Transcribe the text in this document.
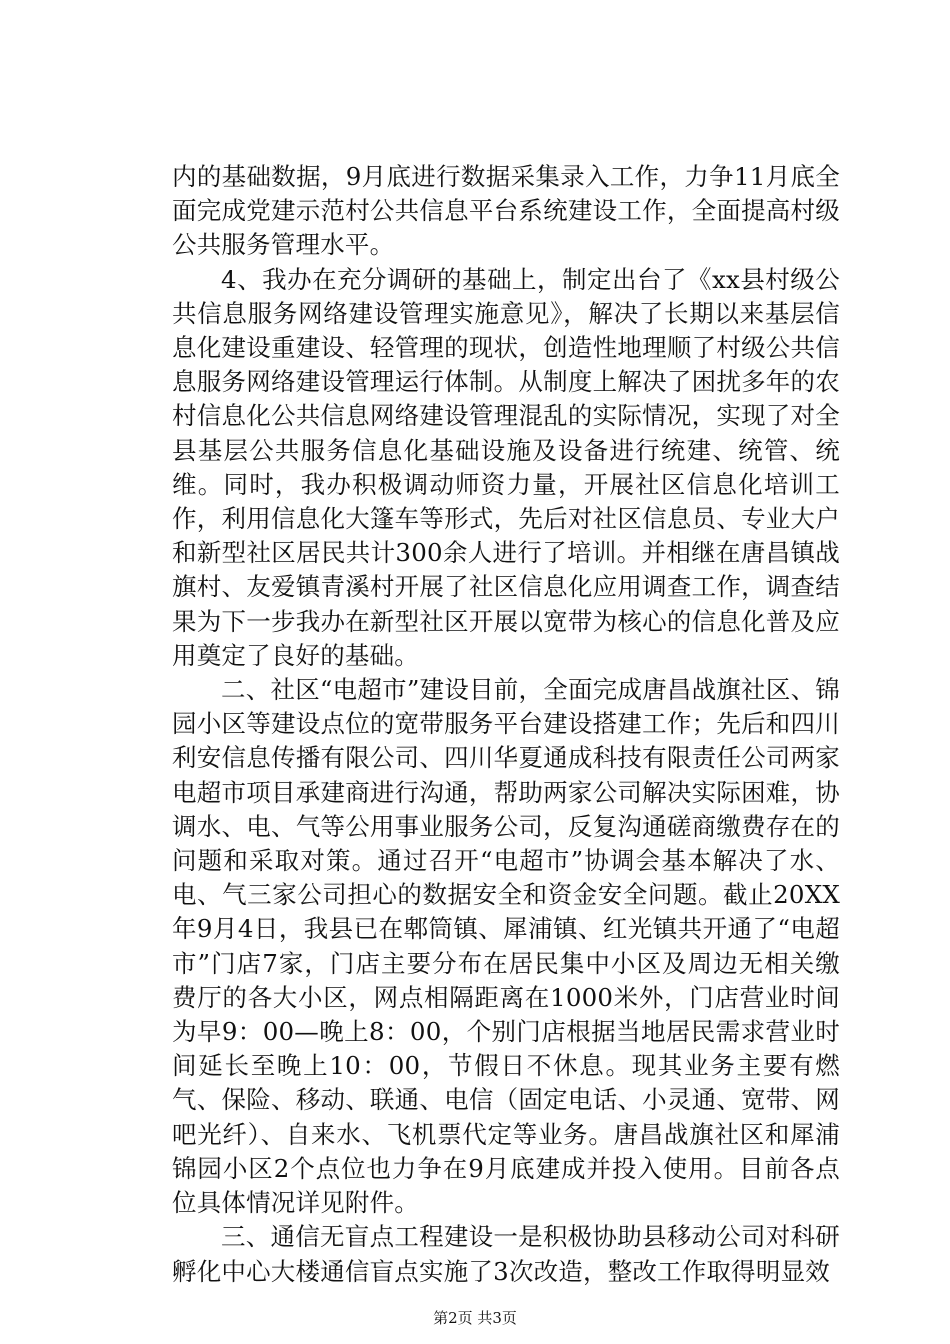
内的基础数据，9月底进行数据采集录入工作，力争11月底全面完成党建示范村公共信息平台系统建设工作，全面提高村级公共服务管理水平。

4、我办在充分调研的基础上，制定出台了《xx县村级公共信息服务网络建设管理实施意见》，解决了长期以来基层信息化建设重建设、轻管理的现状，创造性地理顺了村级公共信息服务网络建设管理运行体制。从制度上解决了困扰多年的农村信息化公共信息网络建设管理混乱的实际情况，实现了对全县基层公共服务信息化基础设施及设备进行统建、统管、统维。同时，我办积极调动师资力量，开展社区信息化培训工作，利用信息化大篷车等形式，先后对社区信息员、专业大户和新型社区居民共计300余人进行了培训。并相继在唐昌镇战旗村、友爱镇青溪村开展了社区信息化应用调查工作，调查结果为下一步我办在新型社区开展以宽带为核心的信息化普及应用奠定了良好的基础。

二、社区“电超市”建设目前，全面完成唐昌战旗社区、锦园小区等建设点位的宽带服务平台建设搭建工作；先后和四川利安信息传播有限公司、四川华夏通成科技有限责任公司两家电超市项目承建商进行沟通，帮助两家公司解决实际困难，协调水、电、气等公用事业服务公司，反复沟通磋商缴费存在的问题和采取对策。通过召开“电超市”协调会基本解决了水、电、气三家公司担心的数据安全和资金安全问题。截止20XX年9月4日，我县已在郫筒镇、犀浦镇、红光镇共开通了“电超市”门店7家，门店主要分布在居民集中小区及周边无相关缴费厅的各大小区，网点相隔距离在1000米外，门店营业时间为早9：00—晚上8：00，个别门店根据当地居民需求营业时间延长至晚上10：00，节假日不休息。现其业务主要有燃气、保险、移动、联通、电信（固定电话、小灵通、宽带、网吧光纤）、自来水、飞机票代定等业务。唐昌战旗社区和犀浦锦园小区2个点位也力争在9月底建成并投入使用。目前各点位具体情况详见附件。

三、通信无盲点工程建设一是积极协助县移动公司对科研孵化中心大楼通信盲点实施了3次改造，整改工作取得明显效

第2页 共3页
